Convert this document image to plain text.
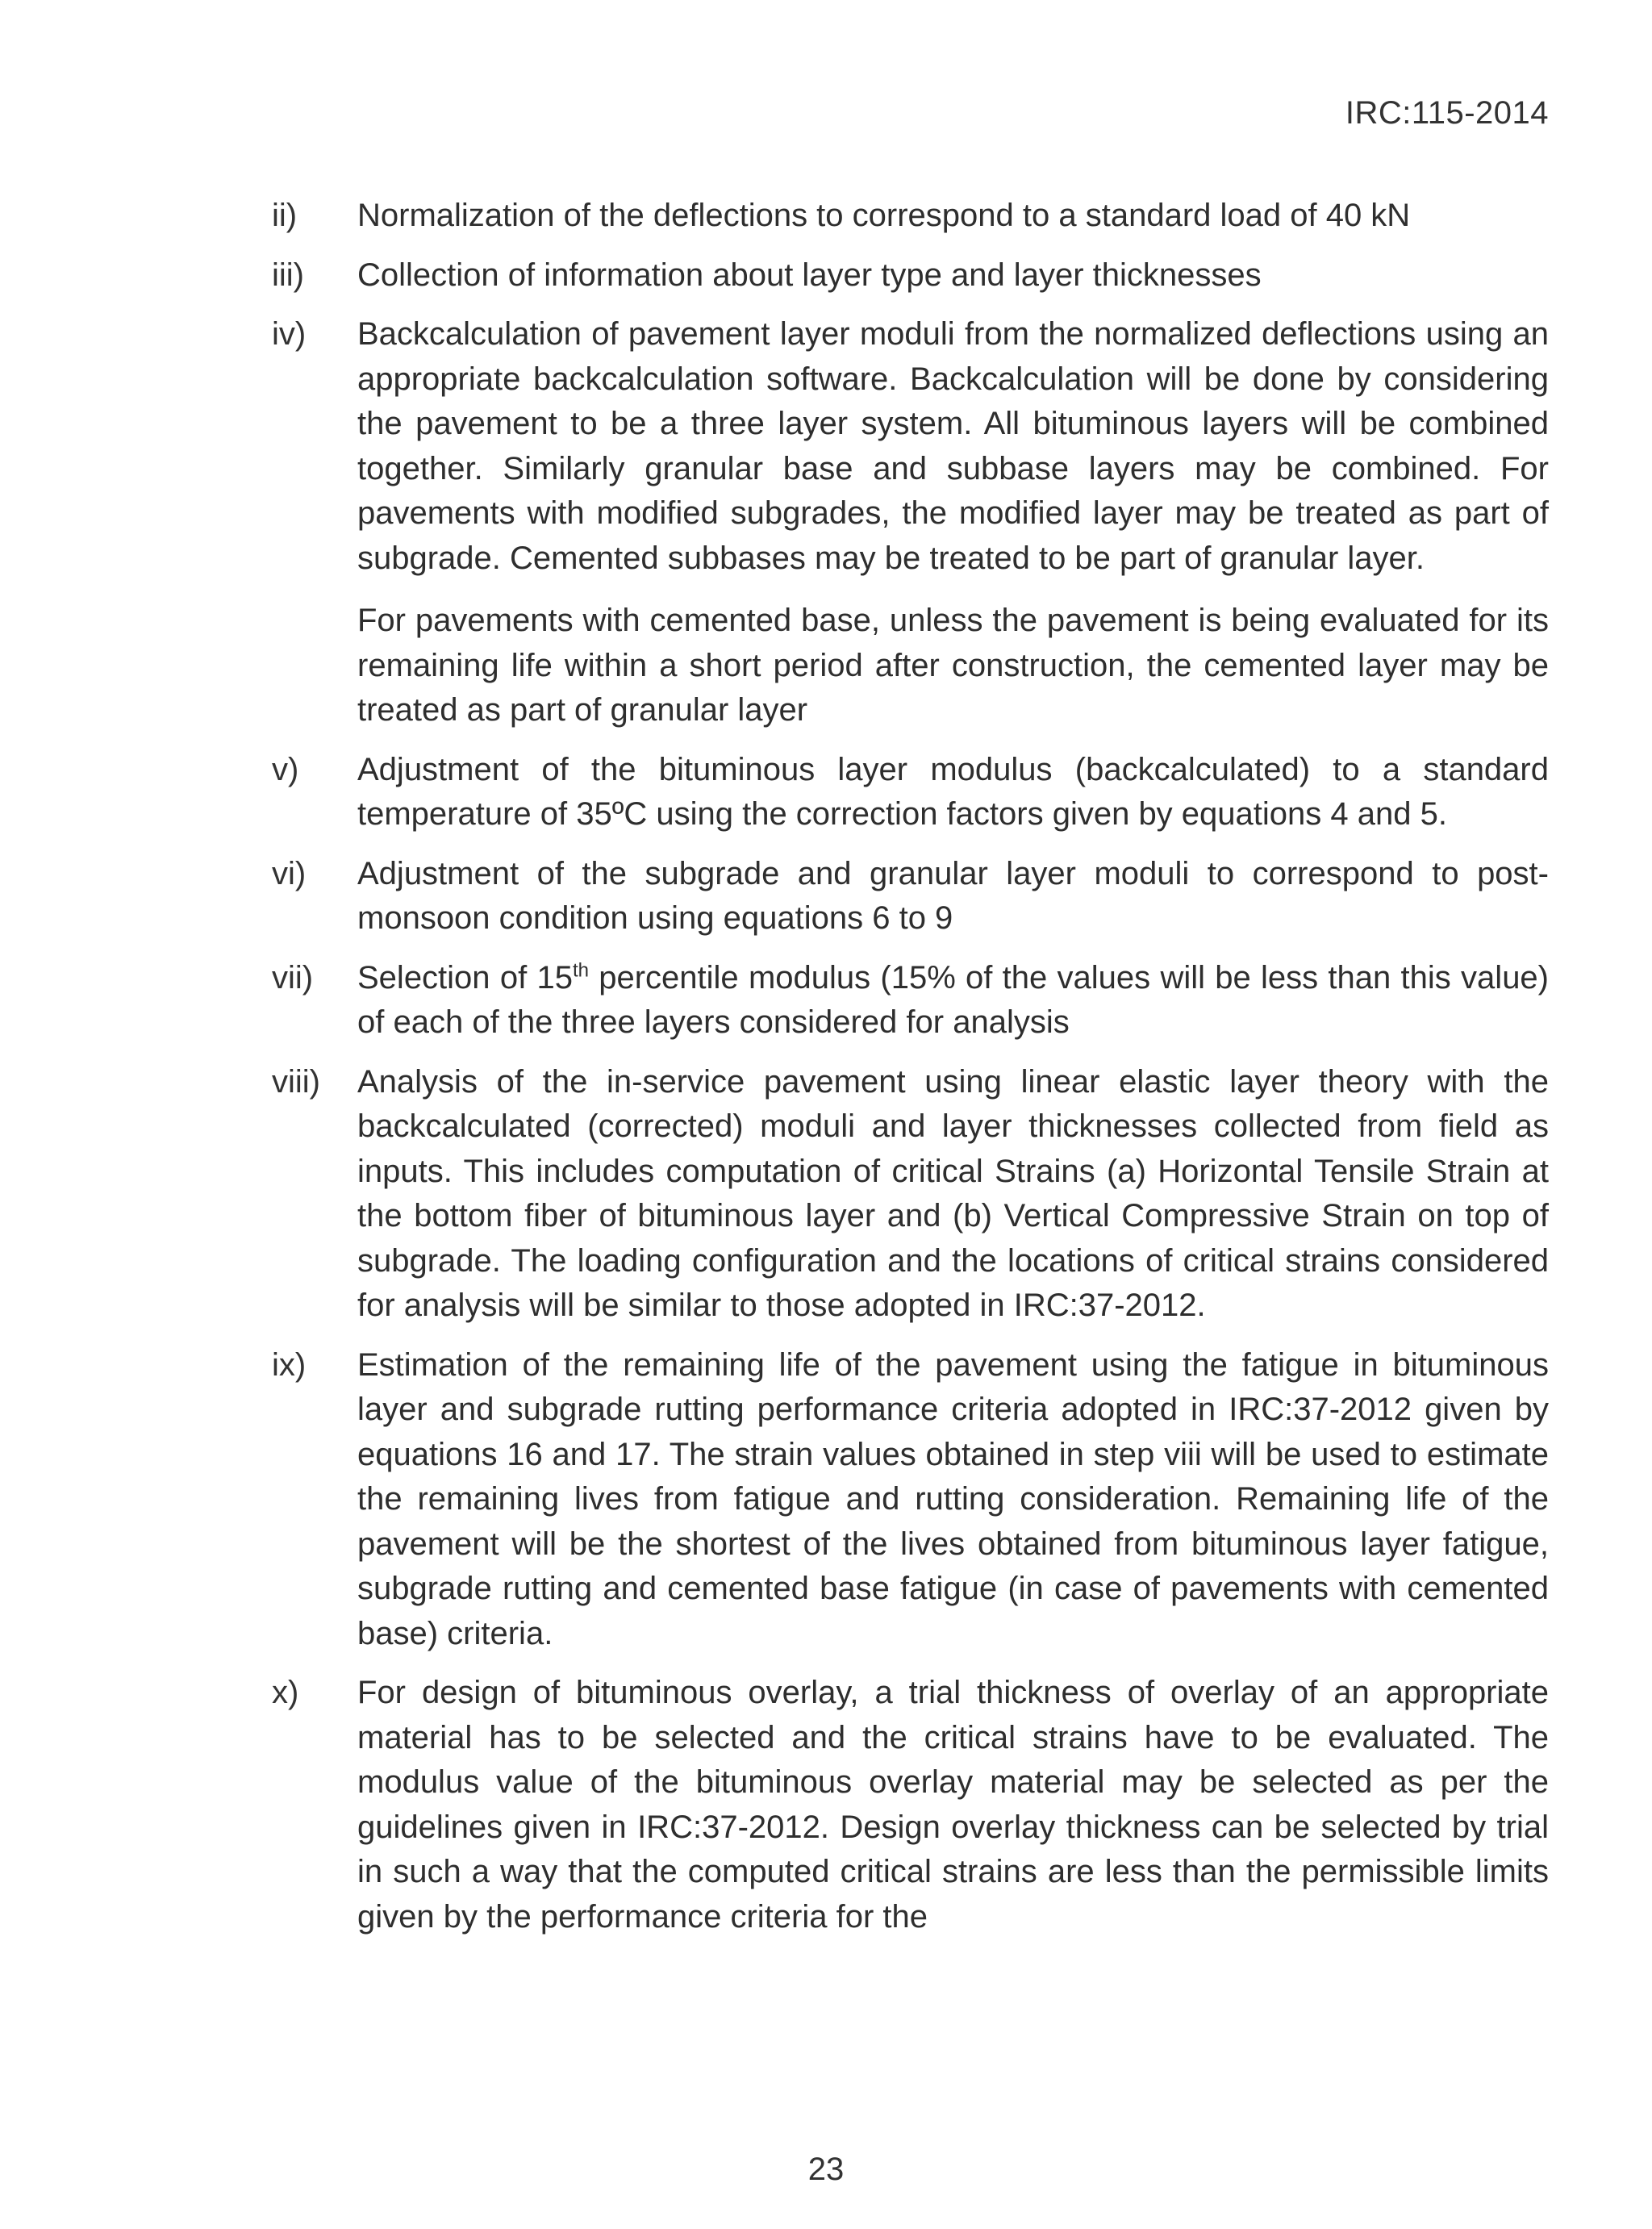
IRC:115-2014
ii)	Normalization of the deflections to correspond to a standard load of 40 kN

iii)	Collection of information about layer type and layer thicknesses

iv)	Backcalculation of pavement layer moduli from the normalized deflections using an appropriate backcalculation software. Backcalculation will be done by considering the pavement to be a three layer system. All bituminous layers will be combined together. Similarly granular base and subbase layers may be combined. For pavements with modified subgrades, the modified layer may be treated as part of subgrade. Cemented subbases may be treated to be part of granular layer.

For pavements with cemented base, unless the pavement is being evaluated for its remaining life within a short period after construction, the cemented layer may be treated as part of granular layer

v)	Adjustment of the bituminous layer modulus (backcalculated) to a standard temperature of 35ºC using the correction factors given by equations 4 and 5.

vi)	Adjustment of the subgrade and granular layer moduli to correspond to post-monsoon condition using equations 6 to 9

vii)	Selection of 15th percentile modulus (15% of the values will be less than this value) of each of the three layers considered for analysis

viii)	Analysis of the in-service pavement using linear elastic layer theory with the backcalculated (corrected) moduli and layer thicknesses collected from field as inputs. This includes computation of critical Strains (a) Horizontal Tensile Strain at the bottom fiber of bituminous layer and (b) Vertical Compressive Strain on top of subgrade. The loading configuration and the locations of critical strains considered for analysis will be similar to those adopted in IRC:37-2012.

ix)	Estimation of the remaining life of the pavement using the fatigue in bituminous layer and subgrade rutting performance criteria adopted in IRC:37-2012 given by equations 16 and 17. The strain values obtained in step viii will be used to estimate the remaining lives from fatigue and rutting consideration. Remaining life of the pavement will be the shortest of the lives obtained from bituminous layer fatigue, subgrade rutting and cemented base fatigue (in case of pavements with cemented base) criteria.

x)	For design of bituminous overlay, a trial thickness of overlay of an appropriate material has to be selected and the critical strains have to be evaluated. The modulus value of the bituminous overlay material may be selected as per the guidelines given in IRC:37-2012. Design overlay thickness can be selected by trial in such a way that the computed critical strains are less than the permissible limits given by the performance criteria for the

23
